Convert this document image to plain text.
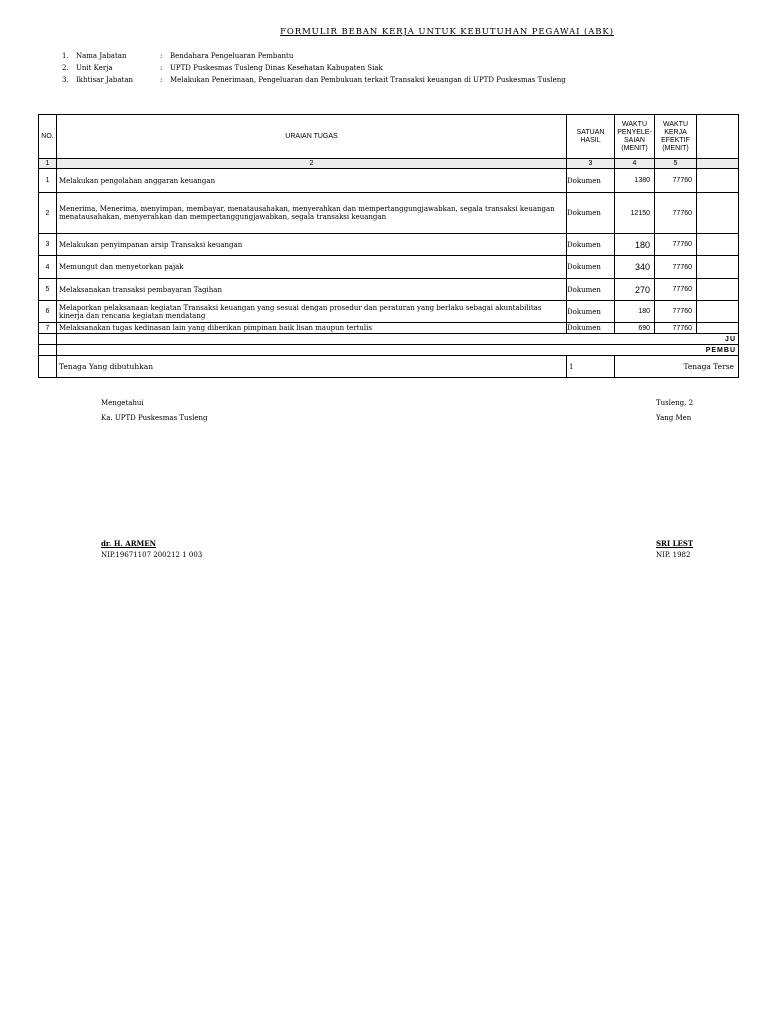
FORMULIR BEBAN KERJA UNTUK KEBUTUHAN PEGAWAI (ABK)
1. Nama Jabatan	: Bendahara Pengeluaran Pembantu
2. Unit Kerja	: UPTD Puskesmas Tusleng Dinas Kesehatan Kabupaten Siak
3. Ikhtisar Jabatan	: Melakukan Penerimaan, Pengeluaran dan Pembukuan terkait Transaksi keuangan di UPTD Puskesmas Tusleng
NO.	URAIAN TUGAS	SATUAN HASIL	WAKTU PENYELE-SAIAN (MENIT)	WAKTU KERJA EFEKTIF (MENIT)	
1	2	3	4	5	
1	Melakukan pengolahan anggaran keuangan	Dokumen	1380	77760	
2	Menerima, Menerima, menyimpan, membayar, menatausahakan, menyerahkan dan mempertanggungjawabkan, segala transaksi keuangan menatausahakan, menyerahkan dan mempertanggungjawabkan, segala transaksi keuangan	Dokumen	12150	77760	
3	Melakukan penyimpanan arsip Transaksi keuangan	Dokumen	180	77760	
4	Memungut dan menyetorkan pajak	Dokumen	340	77760	
5	Melaksanakan transaksi pembayaran Tagihan	Dokumen	270	77760	
6	Melaporkan pelaksanaan kegiatan Transaksi keuangan yang sesuai dengan prosedur dan peraturan yang berlaku sebagai akuntabilitas kinerja dan rencana kegiatan mendatang	Dokumen	180	77760	
7	Melaksanakan tugas kedinasan lain yang diberikan pimpinan baik lisan maupun tertulis	Dokumen	690	77760	
	JU				
	PEMBU				
	Tenaga Yang dibutuhkan	1	Tenaga Terse		
Mengetahui
Ka. UPTD Puskesmas Tusleng
dr. H. ARMEN
NIP.19671107 200212 1 003
Tusleng, 2
Yang Men
SRI LEST
NIP. 1982
